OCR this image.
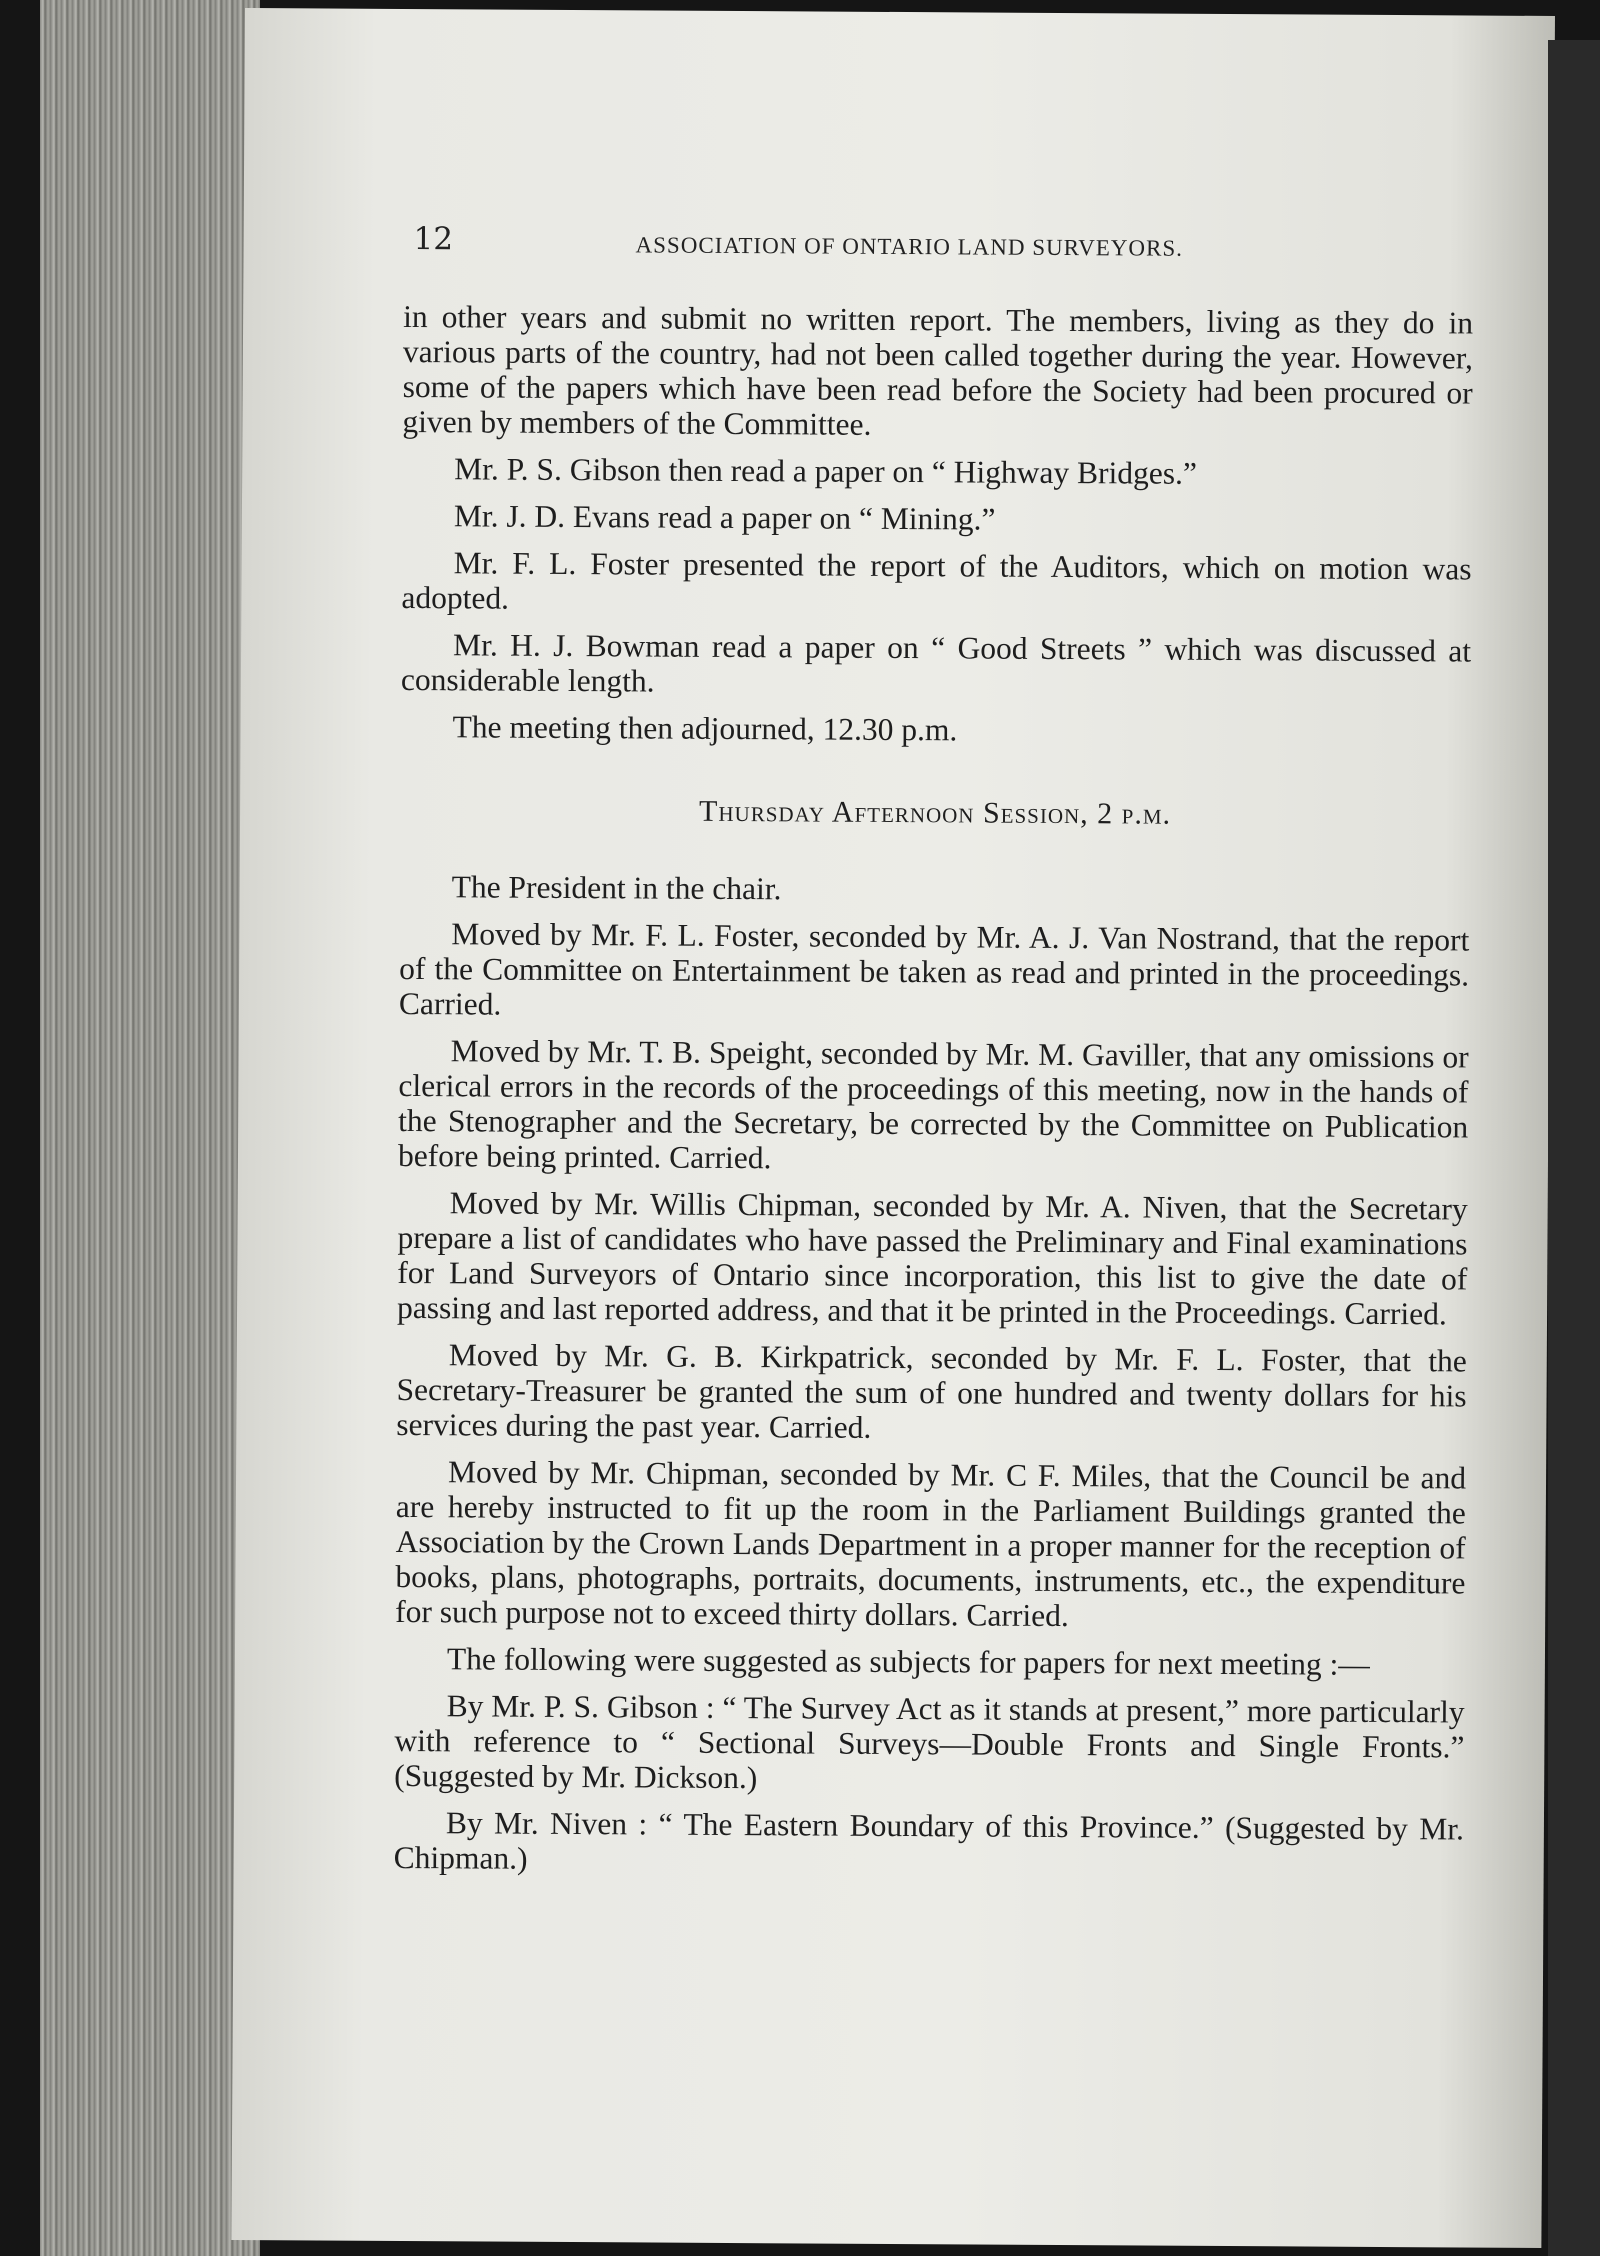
12	ASSOCIATION OF ONTARIO LAND SURVEYORS.

in other years and submit no written report. The members, living as they do in various parts of the country, had not been called together during the year. However, some of the papers which have been read before the Society had been procured or given by members of the Committee.

Mr. P. S. Gibson then read a paper on “ Highway Bridges.”

Mr. J. D. Evans read a paper on “ Mining.”

Mr. F. L. Foster presented the report of the Auditors, which on motion was adopted.

Mr. H. J. Bowman read a paper on “ Good Streets ” which was discussed at considerable length.

The meeting then adjourned, 12.30 p.m.

Thursday Afternoon Session, 2 p.m.

The President in the chair.

Moved by Mr. F. L. Foster, seconded by Mr. A. J. Van Nostrand, that the report of the Committee on Entertainment be taken as read and printed in the proceedings. Carried.

Moved by Mr. T. B. Speight, seconded by Mr. M. Gaviller, that any omissions or clerical errors in the records of the proceedings of this meeting, now in the hands of the Stenographer and the Secretary, be corrected by the Committee on Publication before being printed. Carried.

Moved by Mr. Willis Chipman, seconded by Mr. A. Niven, that the Secretary prepare a list of candidates who have passed the Preliminary and Final examinations for Land Surveyors of Ontario since incorporation, this list to give the date of passing and last reported address, and that it be printed in the Proceedings. Carried.

Moved by Mr. G. B. Kirkpatrick, seconded by Mr. F. L. Foster, that the Secretary-Treasurer be granted the sum of one hundred and twenty dollars for his services during the past year. Carried.

Moved by Mr. Chipman, seconded by Mr. C F. Miles, that the Council be and are hereby instructed to fit up the room in the Parliament Buildings granted the Association by the Crown Lands Department in a proper manner for the reception of books, plans, photographs, portraits, documents, instruments, etc., the expenditure for such purpose not to exceed thirty dollars. Carried.

The following were suggested as subjects for papers for next meeting :—

By Mr. P. S. Gibson : “ The Survey Act as it stands at present,” more particularly with reference to “ Sectional Surveys—Double Fronts and Single Fronts.” (Suggested by Mr. Dickson.)

By Mr. Niven : “ The Eastern Boundary of this Province.” (Suggested by Mr. Chipman.)
